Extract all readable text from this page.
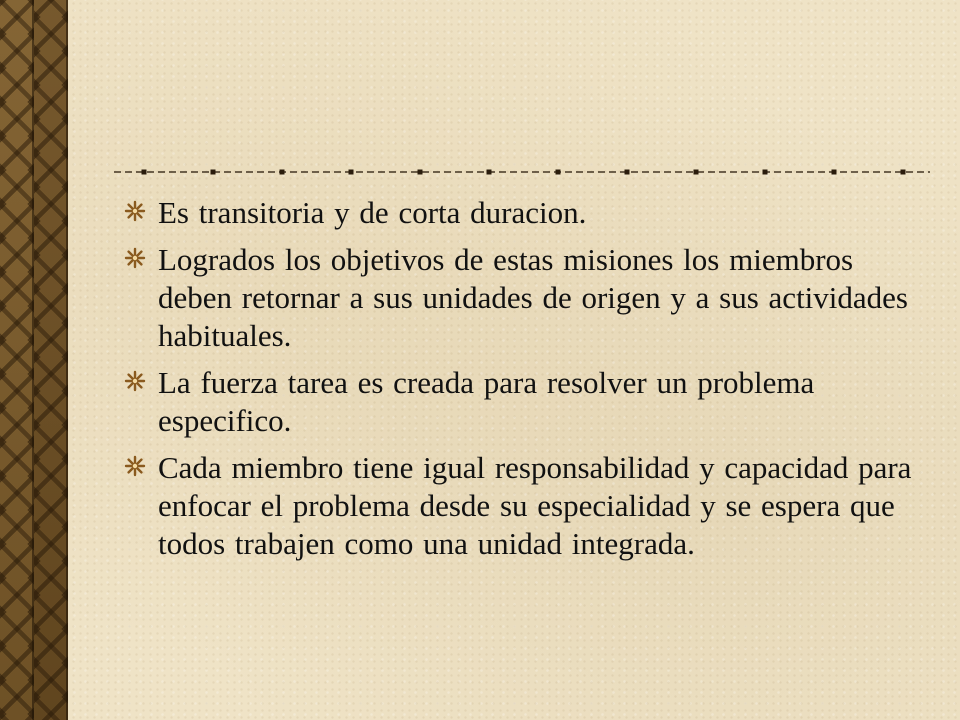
Es transitoria y de corta duracion.
Logrados los objetivos de estas misiones los miembros deben retornar a sus unidades de origen y a sus actividades habituales.
La fuerza tarea es creada para resolver un problema especifico.
Cada miembro tiene igual responsabilidad y capacidad para enfocar el problema desde su especialidad y se espera que todos trabajen como una unidad integrada.
